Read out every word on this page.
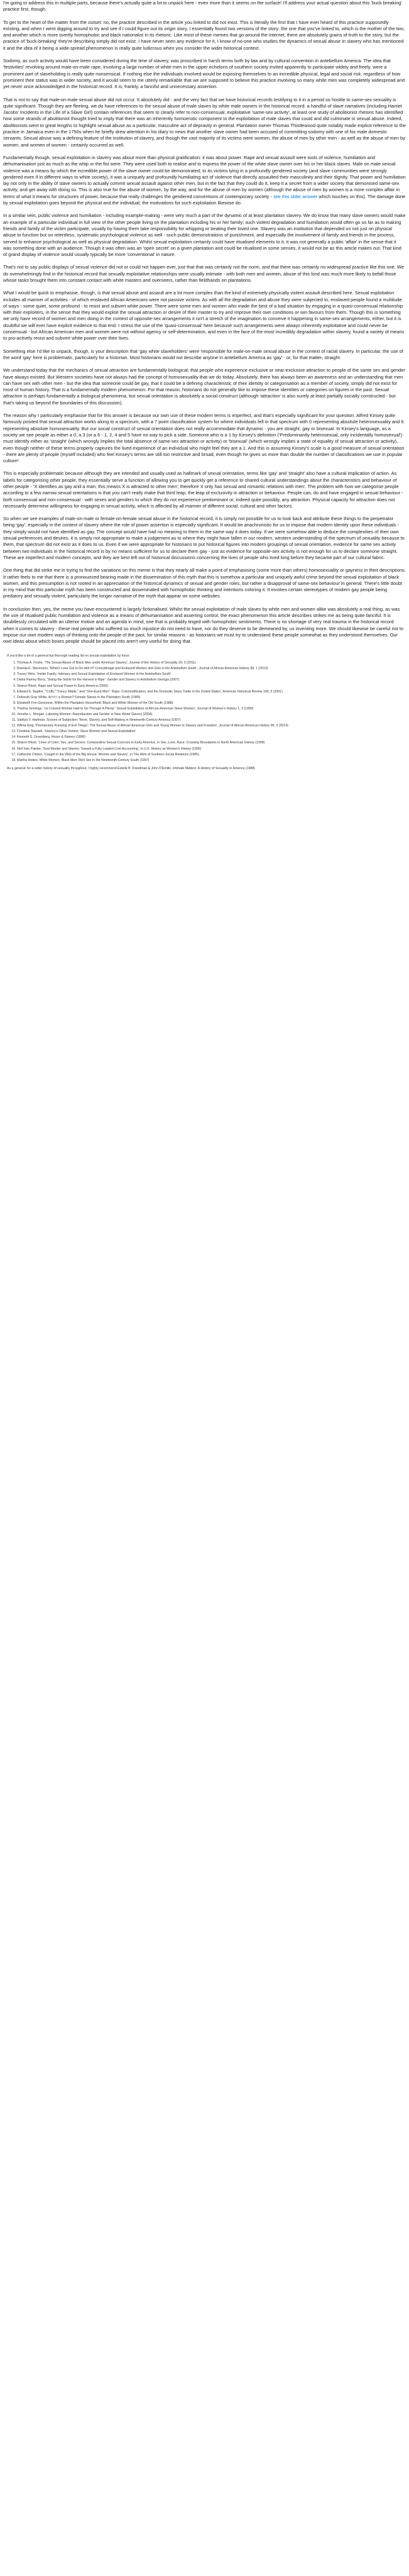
I'm going to address this in multiple parts, because there's actually quite a lot to unpack here - even more than it seems on the surface! I'll address your actual question about this 'buck breaking' practice first, though.

To get to the heart of the matter from the outset: no, the practice described in the article you linked to did not exist. This is literally the first that I have ever heard of this practice supposedly existing, and when I went digging around to try and see if I could figure out its origin story, I essentially found two versions of the story: the one that you've linked to, which is the mother of the two, and another which is more overtly homophobic and black nationalist in its rhetoric. Like most of these memes that go around the internet, there are absolutely grains of truth to the story, but the practice of 'buck-breaking' they're describing simply did not exist. I have never seen any evidence for it, I know of no-one who studies the dynamics of sexual abuse in slavery who has mentioned it and the idea of it being a wide-spread phenomenon is really quite ludicrous when you consider the wider historical context.

Sodomy, as such activity would have been considered during the time of slavery, was proscribed in harsh terms both by law and by cultural convention in antebellum America. The idea that 'festivities' revolving around male-on-male rape, involving a large number of white men in the upper echelons of southern society invited apparently to participate widely and freely, were a prominent part of slaveholding is really quite nonsensical. If nothing else the individuals involved would be exposing themselves to an incredible physical, legal and social risk, regardless of how prominent their status was in wider society, and it would seem to me utterly remarkable that we are supposed to believe this practice involving so many white men was completely widespread and yet never once acknowledged in the historical record. It is, frankly, a fanciful and unnecessary assertion.

That is not to say that male-on-male sexual abuse did not occur. It absolutely did - and the very fact that we have historical records testifying to it in a period so hostile to same-sex sexuality is quite significant. Though they are fleeting, we do have references to the sexual abuse of male slaves by white male owners in the historical record: a handful of slave narratives (including Harriet Jacobs' Incidents in the Life of a Slave Girl) contain references that seem to clearly refer to non-consensual, exploitative 'same-sex activity', at least one study of abolitionist rhetoric has identified how some strands of abolitionist thought tried to imply that there was an inherently homoerotic component to the exploitation of male slaves that could and did culminate in sexual abuse. Indeed, abolitionists went to great lengths to highlight sexual abuse as a particular, masculine act of depravity in general. Plantation owner Thomas Thistlewood quite notably made explicit reference to the practice in Jamaica even in the 1750s when he briefly drew attention in his diary to news that another slave owner had been accused of committing sodomy with one of his male domestic servants. Sexual abuse was a defining feature of the institution of slavery, and though the vast majority of its victims were women, the abuse of men by other men - as well as the abuse of men by women, and women of women - certainly occurred as well.

Fundamentally though, sexual exploitation in slavery was about more than physical gratification: it was about power. Rape and sexual assault were tools of violence, humiliation and dehumanisation just as much as the whip or the fist were. They were used both to realise and to express the power of the white slave owner over his or her black slaves. Male on male sexual violence was a means by which the incredible power of the slave owner could be demonstrated; to its victims lying in a profoundly gendered society (and slave communities were strongly gendered even if in different ways to white society), it was a uniquely and profoundly humiliating act of violence that directly assaulted their masculinity and their dignity. That power and humiliation lay not only in the ability of slave owners to actually commit sexual assault against other men, but in the fact that they could do it, keep it a secret from a wider society that demonised same-sex activity, and get away with doing so. This is also true for the abuse of women, by the way, and for the abuse of men by women (although the abuse of men by women is a more complex affair in terms of what it means for structures of power, because that really challenges the gendered conventions of contemporary society - see this older answer which touches on this). The damage done by sexual exploitation goes beyond the physical and the individual; the motivations for such exploitation likewise do.

In a similar vein, public violence and humiliation - including example-making - were very much a part of the dynamic of at least plantation slavery. We do know that many slave owners would make an example of a particular individual in full view of the other people living on the plantation including his or her family; such violent degradation and humiliation would often go so far as to making friends and family of the victim participate, usually by having them take responsibility for whipping or beating their loved one. Slavery was an institution that depended on not just on physical abuse to function but on relentless, systematic psychological violence as well - such public demonstrations of punishment, and especially the involvement of family and friends in the process, served to enhance psychological as well as physical degradation. Whilst sexual exploitation certainly could have ritualised elements to it, it was not generally a public 'affair' in the sense that it was something done with an audience. Though it was often was an 'open secret' on a given plantation and could be ritualised in some senses, it would not be as this article makes out. That kind of grand display of violence would usually typically be more 'conventional' in nature.

That's not to say public displays of sexual violence did not or could not happen ever, just that that was certainly not the norm, and that there was certainly no widespread practice like this one. We do overwhelmingly find in the historical record that sexually exploitative relationships were usually intimate - with both men and women, abuse of this kind was much more likely to befall those whose tasks brought them into constant contact with white masters and overseers, rather than fieldhands on plantations.

What I would be quick to emphasise, though, is that sexual abuse and assault are a lot more complex than the kind of extremely physically violent assault described here. Sexual exploitation includes all manner of activities - of which enslaved African Americans were not passive victims. As with all the degradation and abuse they were subjected to, enslaved people found a multitude of ways - some quiet, some profound - to resist and subvert white power. There were some men and women who made the best of a bad situation by engaging in a quasi-consensual relationship with their exploiters, in the sense that they would exploit the sexual attraction or desire of their master to try and improve their own conditions or win favours from them. Though this is something we only have record of women and men doing in the context of opposite-sex arrangements it isn't a stretch of the imagination to conceive it happening in same-sex arrangements, either, but it is doubtful we will ever have explicit evidence to that end. I stress the use of the 'quasi-consensual' here because such arrangements were always inherently exploitative and could never be consensual - but African American men and women were not without agency or self-determination, and even in the face of the most incredibly degradation within slavery, found a variety of means to pro-actively resist and subvert white power over their lives.

Something else I'd like to unpack, though, is your description that 'gay white slaveholders' were 'responsible for male-on-male sexual abuse in the context of racial slavery. In particular, the use of the word 'gay' here is problematic, particularly for a historian. Most historians would not describe anyone in antebellum America as 'gay' - or, for that matter, straight.

We understand today that the mechanics of sexual attraction are fundamentally biological; that people who experience exclusive or near-exclusive attraction to people of the same sex and gender have always existed. But Western societies have not always had the concept of homosexuality that we do today. Absolutely, there has always been an awareness and an understanding that men can have sex with other men - but the idea that someone could be gay, that it could be a defining characteristic of their identity or categorisation as a member of society, simply did not exist for most of human history. That is a fundamentally modern phenomenon. For that reason, historians do not generally like to impose these identities or categories on figures in the past. Sexual attraction is perhaps fundamentally a biological phenomena, but sexual orientation is absolutely a social construct (although 'attraction' is also surely at least partially socially constructed - but that's taking us beyond the boundaries of this discussion).

The reason why I particularly emphasise that for this answer is because our own use of these modern terms is imperfect, and that's especially significant for your question. Alfred Kinsey quite famously posited that sexual attraction works along to a spectrum, with a 7 point classification system for where individuals fell in that spectrum with 0 representing absolute heterosexuality and 6 representing absolute homosexuality. But our social construct of sexual orientation does not really accommodate that dynamic - you are straight, gay or bisexual. In Kinsey's language, as a society we see people as either a 0, a 3 (or a 6 - 1, 2, 4 and 5 have no way to pick a side. Someone who is a 1 by Kinsey's definition ('Predominantly heterosexual, only incidentally homosexual') must identify either as 'straight' (which wrongly implies the total absence of same-sex attraction or activity) or 'bisexual' (which wrongly implies a state of equality of sexual attraction or activity), even though neither of these terms properly captures the lived experience of an individual who might feel they are a 1. And this is assuming Kinsey's scale is a good measure of sexual orientation - there are plenty of people (myself included) who feel Kinsey's terms are still too restrictive and broad, even though he gives us more than double the number of classifications we use in popular culture!

This is especially problematic because although they are intended and usually used as hallmark of sexual orientation, terms like 'gay' and 'straight' also have a cultural implication of action. As labels for categorising other people, they essentially serve a function of allowing you to get quickly get a reference to shared cultural understandings about the characteristics and behaviour of other people - 'X identifies as gay and a man; this means X is attracted to other men'; therefore X only has sexual and romantic relations with men'. The problem with how we categorise people according to a few narrow sexual orientations is that you can't really make that third leap, the leap of exclusivity in attraction or behaviour. People can, do and have engaged in sexual behaviour - both consensual and non-consensual - with sexes and genders to which they do not experience predominant or, indeed quite possibly, any attraction. Physical capacity for attraction does not necessarily determine willingness for engaging in sexual activity, which is affected by all manner of different social, cultural and other factors.

So when we see examples of male-on-male or female-on-female sexual abuse in the historical record, it is simply not possible for us to look back and attribute these things to the perpetrator being 'gay', especially in the context of slavery where the role of power assertion is especially significant. It would be anachronistic for us to impose that modern identity upon these individuals - they simply would not have identified as gay. The concept would have had no meaning to them in the same way it does today. If we were somehow able to deduce the complexities of their own sexual preferences and desires, it is simply not appropriate to make a judgement as to where they might have fallen in our modern, western understanding of the spectrum of sexuality because to them, that spectrum did not exist as it does to us. Even if we were appropriate for historians to put historical figures into modern groupings of sexual orientation, evidence for same sex activity between two individuals in the historical record is by no means sufficient for us to declare them gay - just as evidence for opposite-sex activity is not enough for us to declare someone straight. These are imperfect and modern concepts, and they are best left out of historical discussions concerning the lives of people who lived long before they became part of our cultural fabric.

One thing that did strike me in trying to find the variations on this meme is that they nearly all make a point of emphasising (some more than others) homosexuality or gayness in their descriptions. It rather feels to me that there is a pronounced bearing made in the dissemination of this myth that this is somehow a particular and uniquely awful crime beyond the sexual exploitation of black women, and this presumption is not rooted in an appreciation of the historical dynamics of sexual and gender roles, but rather a disapproval of same-sex behaviour in general. There's little doubt in my mind that this particular myth has been constructed and disseminated with homophobic thinking and intentions coloring it. It invokes certain stereotypes of modern gay people being predatory and sexually violent, particularly the longer narrative of the myth that appear on some websites.

In conclusion then, yes, the meme you have encountered is largely fictionalised. Whilst the sexual exploitation of male slaves by white men and women alike was absolutely a real thing, as was the use of ritualised public humiliation and violence as a means of dehumanisation and asserting control, the exact phenomenon this article describes strikes me as being quite fanciful. It is doubtlessly circulated with an ulterior motive and an agenda in mind, one that is probably tinged with homophobic sentiments. There is no shortage of very real trauma in the historical record when it comes to slavery - these real people who suffered so much injustice do not need to have, nor do they deserve to be demeaned by, us inventing more. We should likewise be careful not to impose our own modern ways of thinking onto the people of the past, for similar reasons - as historians we must try to understand these people somewhat as they understood themselves. Our own ideas about which boxes people should be placed into aren't very useful for doing that.

If you'd like a bit of a general but thorough reading list on sexual exploitation by force:

1. Thomas A. Foster, 'The Sexual Abuse of Black Men under American Slavery', Journal of the History of Sexuality 20, 3 (2011)
2. Brenda E. Stevenson, 'What's Love Got to Do with It? Concubinage and Enslaved Women and Girls in the Antebellum South', Journal of African American History 98, 1 (2013)
3. Tracey Weis, 'Inside Family, Intimacy and Sexual Exploitation of Enslaved Women in the Antebellum South'
4. Daina Ramey Berry, 'Swing the Sickle for the Harvest is Ripe': Gender and Slavery in Antebellum Georgia (2007)
5. Sharon Block, Rape and Sexual Power in Early America (2006)
6. Edward E. Baptist, '"Cuffy," "Fancy Maids," and "One-Eyed Men": Rape, Commodification, and the Domestic Slave Trade in the United States', American Historical Review 106, 5 (2001)
7. Deborah Gray White, Ar'n't I a Woman? Female Slaves in the Plantation South (1985)
8. Elizabeth Fox-Genovese, Within the Plantation Household: Black and White Women of the Old South (1988)
9. Thelma Jennings, 'Us Colored Women Had to Go Through A Plenty': Sexual Exploitation of African-American Slave Women', Journal of Women's History 1, 3 (1990)
10. Jennifer L. Morgan, Laboring Women: Reproduction and Gender in New World Slavery (2004)
11. Saidiya V. Hartman, Scenes of Subjection: Terror, Slavery, and Self-Making in Nineteenth-Century America (1997)
12. Wilma King, 'Prematurely Knowing of Evil Things': The Sexual Abuse of African American Girls and Young Women in Slavery and Freedom', Journal of African American History 99, 3 (2014)
13. Christine Stansell, 'Slavery's Other Victims: Slave Women and Sexual Exploitation'
14. Kenneth S. Greenberg, Honor & Slavery (1996)
15. Sharon Block, 'Lines of Color, Sex, and Service: Comparative Sexual Coercion in Early America', in Sex, Love, Race: Crossing Boundaries in North American History (1999)
16. Nell Irvin Painter, 'Soul Murder and Slavery: Toward a Fully Loaded Cost Accounting', in U.S. History as Women's History (1995)
17. Catherine Clinton, 'Caught in the Web of the Big House: Women and Slavery', in The Web of Southern Social Relations (1985)
18. Martha Hodes, White Women, Black Men: Illicit Sex in the Nineteenth-Century South (1997)

As a general: for a wider history of sexuality throughout, I highly recommend Estelle B. Freedman & John D'Emilio, Intimate Matters: A History of Sexuality in America (1988)
